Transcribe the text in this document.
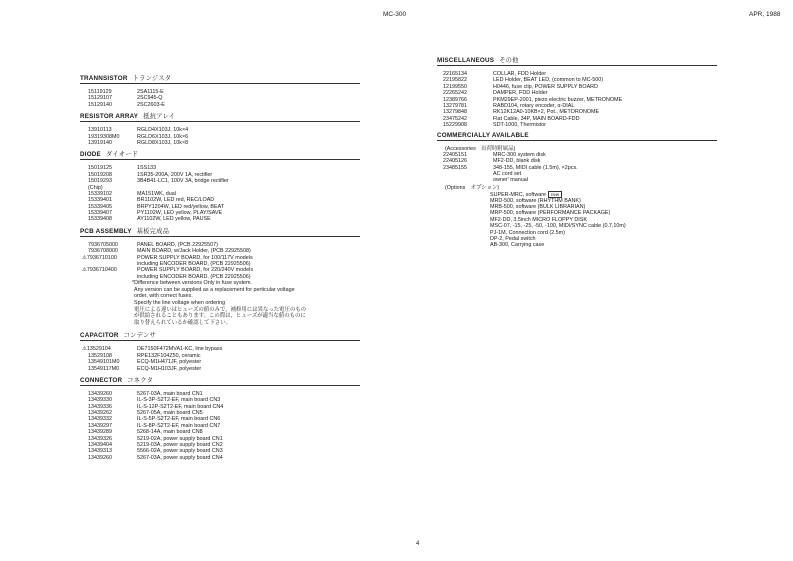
MC-300	APR, 1988
TRANNSISTOR トランジスタ
15119129	2SA1115-E
15129107	2SC945-Q
15129140	2SC2603-E
RESISTOR ARRAY 抵抗アレイ
13910113	RGLD4X103J, 10k×4
19319308M0	RGLD6X103J, 10k×6
13919140	RGLD8X103J, 10k×8
DIODE ダイオード
15019125	1SS133
15019208	1SR35-200A, 200V 1A, rectifier
15019293	3B4B41-LC1, 100V 3A, bridge rectifier
(Chip)
15339102	MA151WK, dual
15339401	BR1102W, LED red, REC/LOAD
15339405	BRPY1204W, LED red/yellow, BEAT
15339407	PY1102W, LED yellow, PLAY/SAVE
15339408	AY1102W, LED yellow, PAUSE
PCB ASSEMBLY 基板完成品
7936705000	PANEL BOARD, (PCB 22925507)
7936708000	MAIN BOARD, w/Jack Holder, (PCB 22925508)
⚠7936710100	POWER SUPPLY BOARD, for 100/117V models
including ENCODER BOARD, (PCB 22925506)
⚠7936710400	POWER SUPPLY BOARD, for 220/240V models
including ENCODER BOARD, (PCB 22925506)
*Difference between versions Only in fuse system.
Any version can be supplied as a replacement for perticular voltage
order, with correct fuses.
Specify the line voltage when ordering
電圧による違いはヒューズの値のみで，補修用には異なった電圧のもの
が供給されることもあります。この際は，ヒューズが適当な値のものに
取り替えられているか確認して下さい。
CAPACITOR コンデンサ
⚠13529104	DE7150F472MVA1-KC, line bypass
13529108	RPE132F104Z50, ceramic
13549101M0	ECQ-M1H471JF, polyester
13549117M0	ECQ-M1H103JF, polyester
CONNECTOR コネクタ
13439260	5267-03A, main board CN1
13439330	IL-S-3P-S2T2-EF, main board CN3
13439336	IL-S-12P-S2T2-EF, main board CN4
13439262	5267-05A, main board CN5
13439332	IL-S-5P-S2T2-EF, main board CN6
13439297	IL-S-8P-S2T2-EF, main board CN7
13439289	5268-14A, main board CN8
13439326	5219-02A, power supply board CN1
13439404	5219-03A, power supply board CN2
13439313	5566-02A, power supply board CN3
13439260	5267-03A, power supply board CN4
MISCELLANEOUS その他
22165134	COLLAR, FDD Holder
22195822	LED Holder, BEAT LED, (common to MC-500)
12199550	H0446, fuse clip, POWER SUPPLY BOARD
22265242	DAMPER, FDD Holder
12389766	PKM29EP-2001, piezo electric buzzer, METRONOME
13279781	RABD104, rotary encoder, α-DIAL
13279848	RK12K12A0-10KB×2, Pot., METORONOME
23475242	Flat Cable, 34P, MAIN BOARD-FDD
15229908	SDT-1000, Thermistor
COMMERCIALLY AVAILABLE
(Accessories　出荷時附属品)
22405151	MRC-300 system disk
22405126	MF2-DD, blank disk
23485155	348-155, MIDI cable (1.5m), ×2pcs.
AC cord set
owner' manual
(Options　オプション)
SUPER-MRC, software new
MRD-500, software (RHYTHM BANK)
MRB-500, software (BULK LIBRARIAN)
MRP-500, software (PERFORMANCE PACKAGE)
MF2-DD, 3.5inch MICRO FLOPPY DISK
MSC-07, -15, -25, -50, -100, MIDI/SYNC cable (0.7,10m)
PJ-1M, Connection cord (2.5m)
DP-2, Pedal switch
AB-300, Carrying case
4
